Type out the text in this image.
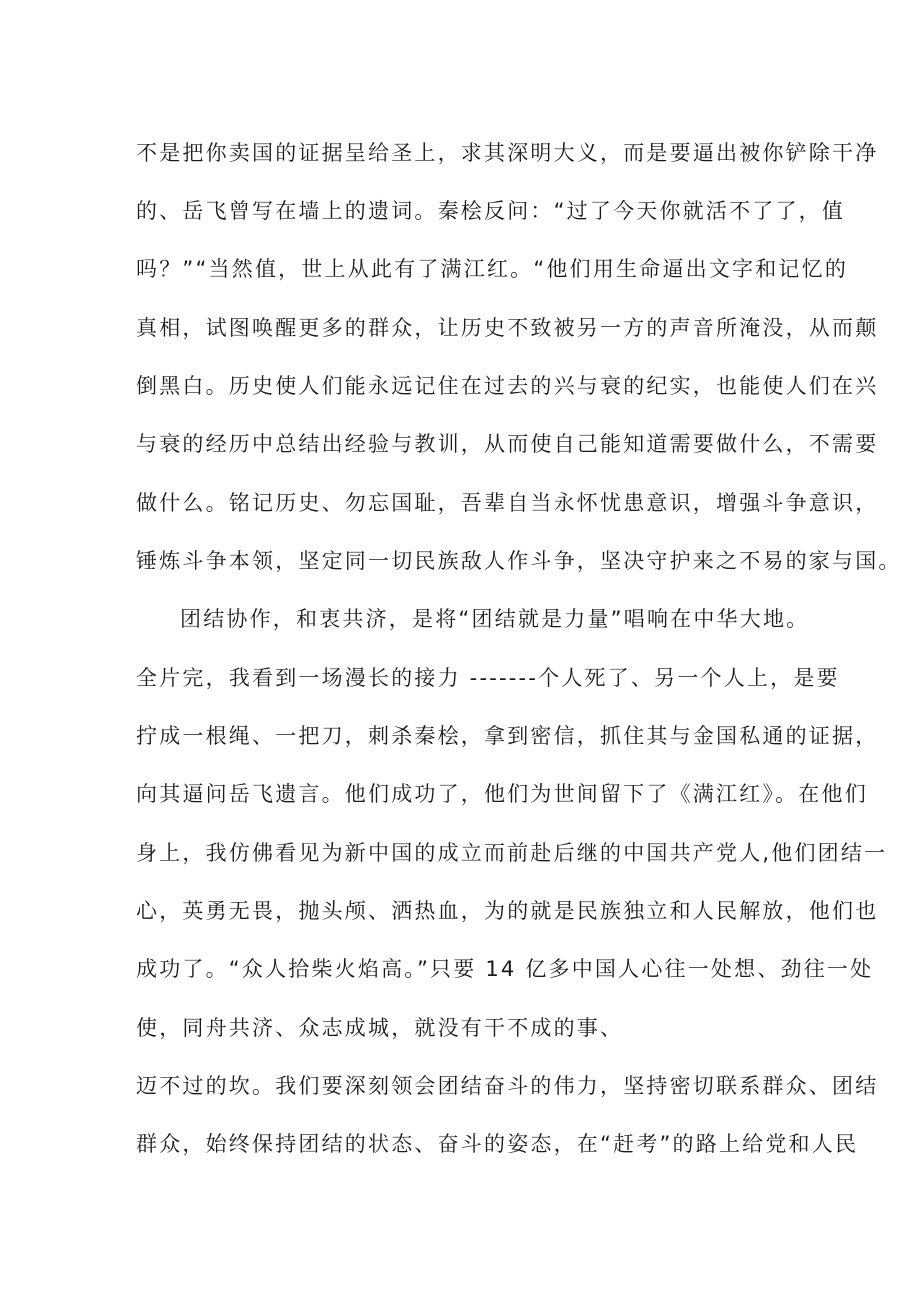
不是把你卖国的证据呈给圣上，求其深明大义，而是要逼出被你铲除干净
的、岳飞曾写在墙上的遗词。秦桧反问：“过了今天你就活不了了，值
吗？”“当然值，世上从此有了满江红。“他们用生命逼出文字和记忆的
真相，试图唤醒更多的群众，让历史不致被另一方的声音所淹没，从而颠
倒黑白。历史使人们能永远记住在过去的兴与衰的纪实，也能使人们在兴
与衰的经历中总结出经验与教训，从而使自己能知道需要做什么，不需要
做什么。铭记历史、勿忘国耻，吾辈自当永怀忧患意识，增强斗争意识，
锤炼斗争本领，坚定同一切民族敌人作斗争，坚决守护来之不易的家与国。
团结协作，和衷共济，是将“团结就是力量”唱响在中华大地。
全片完，我看到一场漫长的接力 -------个人死了、另一个人上，是要
拧成一根绳、一把刀，刺杀秦桧，拿到密信，抓住其与金国私通的证据，
向其逼问岳飞遗言。他们成功了，他们为世间留下了《满江红》。在他们
身上，我仿佛看见为新中国的成立而前赴后继的中国共产党人,他们团结一
心，英勇无畏，抛头颅、洒热血，为的就是民族独立和人民解放，他们也
成功了。“众人拾柴火焰高。”只要 14 亿多中国人心往一处想、劲往一处
使，同舟共济、众志成城，就没有干不成的事、
迈不过的坎。我们要深刻领会团结奋斗的伟力，坚持密切联系群众、团结
群众，始终保持团结的状态、奋斗的姿态，在“赶考”的路上给党和人民
